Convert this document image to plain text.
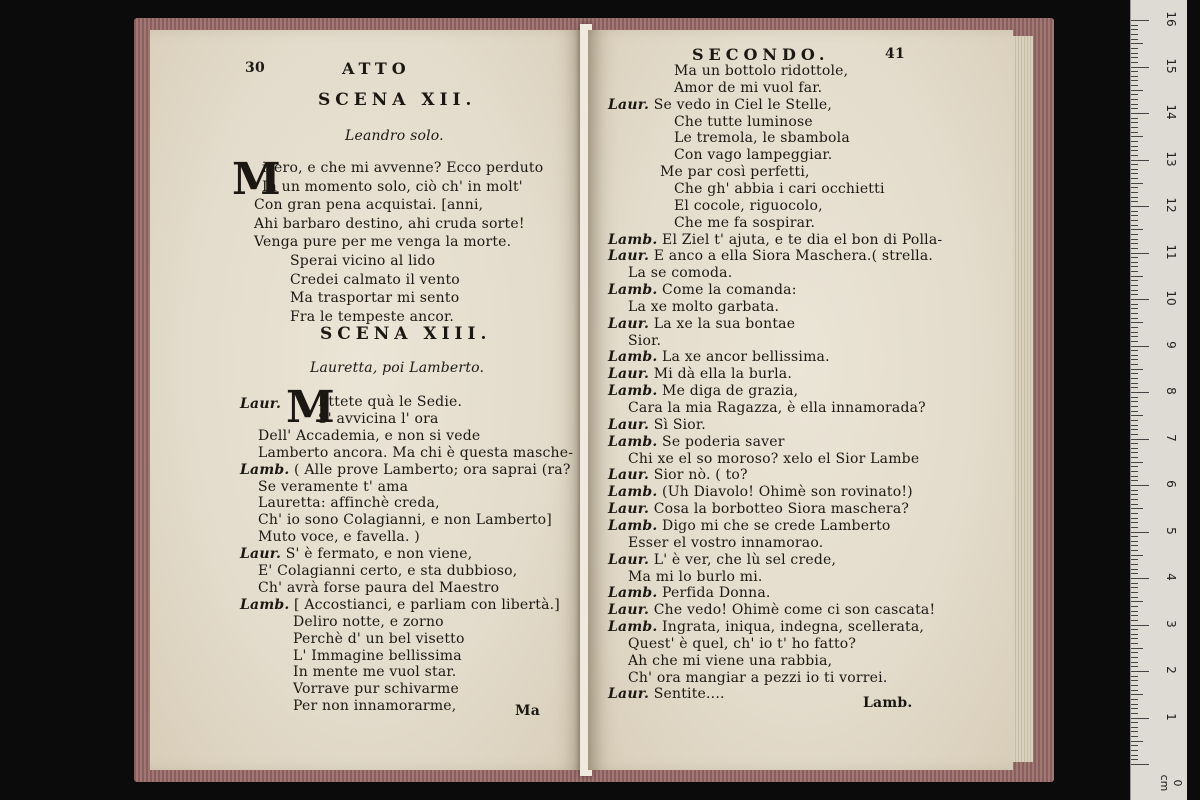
30	ATTO
SCENA XII.
Leandro solo.
M
isero, e che mi avvenne? Ecco perduto
In un momento solo, ciò ch' in molt'
Con gran pena acquistai. [anni,
Ahi barbaro destino, ahi cruda sorte!
Venga pure per me venga la morte.
Sperai vicino al lido
Credei calmato il vento
Ma trasportar mi sento
Fra le tempeste ancor.
SCENA XIII.
Lauretta, poi Lamberto.
Laur. M
Ettete quà le Sedie.
S' avvicina l' ora
Dell' Accademia, e non si vede
Lamberto ancora. Ma chi è questa masche-
Lamb. ( Alle prove Lamberto; ora saprai (ra?
Se veramente t' ama
Lauretta: affinchè creda,
Ch' io sono Colagianni, e non Lamberto]
Muto voce, e favella. )
Laur. S' è fermato, e non viene,
E' Colagianni certo, e sta dubbioso,
Ch' avrà forse paura del Maestro
Lamb. [ Accostianci, e parliam con libertà.]
Deliro notte, e zorno
Perchè d' un bel visetto
L' Immagine bellissima
In mente me vuol star.
Vorrave pur schivarme
Per non innamorarme,	Ma
SECONDO.	41
Ma un bottolo ridottole,
Amor de mi vuol far.
Laur. Se vedo in Ciel le Stelle,
Che tutte luminose
Le tremola, le sbambola
Con vago lampeggiar.
Me par così perfetti,
Che gh' abbia i cari occhietti
El cocole, riguocolo,
Che me fa sospirar.
Lamb. El Ziel t' ajuta, e te dia el bon di Polla-
Laur. E anco a ella Siora Maschera.( strella.
La se comoda.
Lamb. Come la comanda:
La xe molto garbata.
Laur. La xe la sua bontae
Sior.
Lamb. La xe ancor bellissima.
Laur. Mi dà ella la burla.
Lamb. Me diga de grazia,
Cara la mia Ragazza, è ella innamorada?
Laur. Sì Sior.
Lamb. Se poderia saver
Chi xe el so moroso? xelo el Sior Lambe
Laur. Sior nò. ( to?
Lamb. (Uh Diavolo! Ohimè son rovinato!)
Laur. Cosa la borbotteo Siora maschera?
Lamb. Digo mi che se crede Lamberto
Esser el vostro innamorao.
Laur. L' è ver, che lù sel crede,
Ma mi lo burlo mi.
Lamb. Perfida Donna.
Laur. Che vedo! Ohimè come ci son cascata!
Lamb. Ingrata, iniqua, indegna, scellerata,
Quest' è quel, ch' io t' ho fatto?
Ah che mi viene una rabbia,
Ch' ora mangiar a pezzi io ti vorrei.
Laur. Sentite....
Lamb.
0 cm
1
2
3
4
5
6
7
8
9
10
11
12
13
14
15
16
